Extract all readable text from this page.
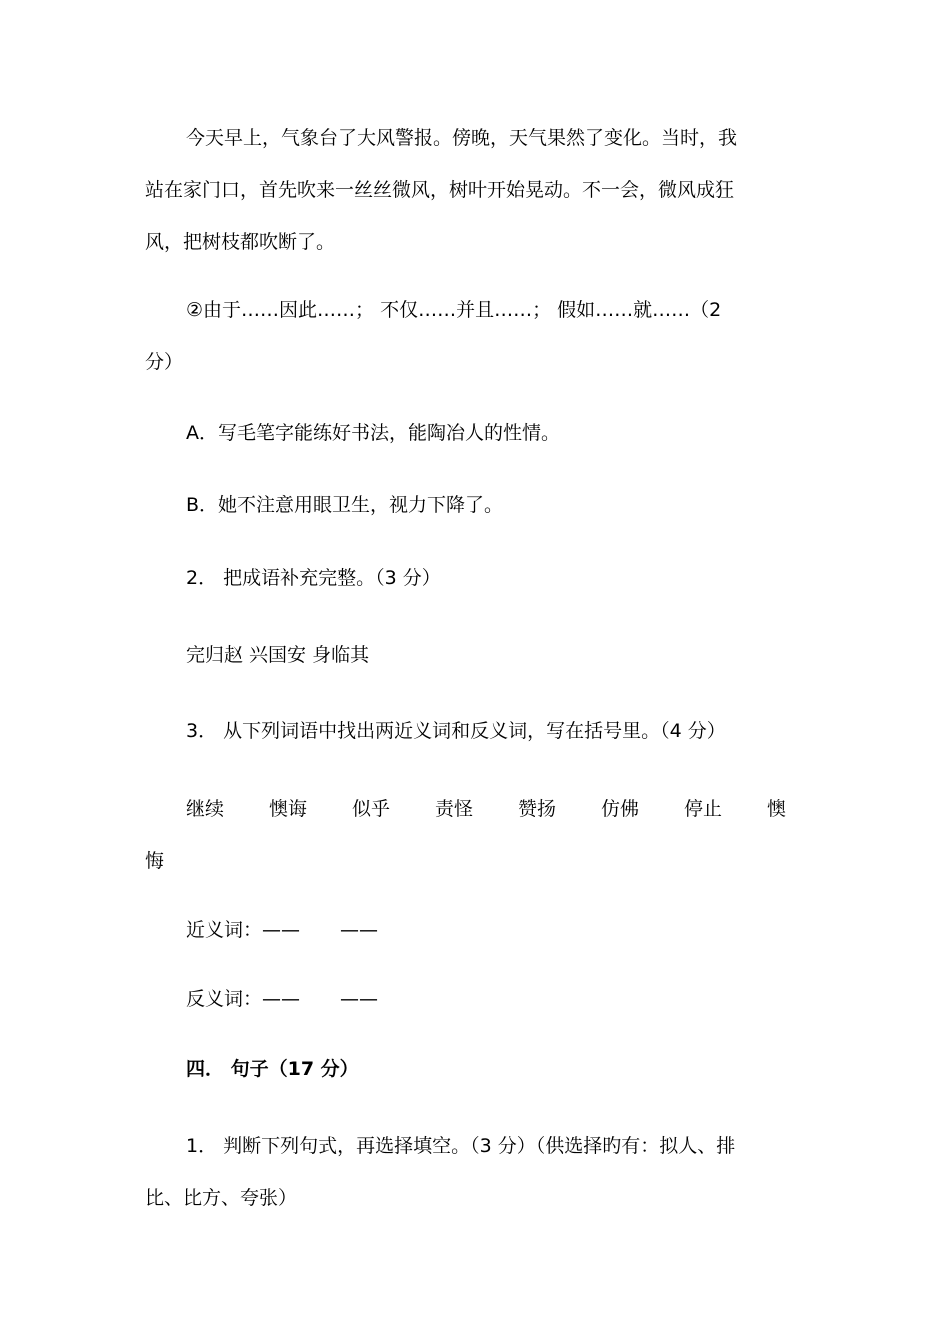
今天早上，气象台了大风警报。傍晚，天气果然了变化。当时，我
站在家门口，首先吹来一丝丝微风，树叶开始晃动。不一会，微风成狂
风，把树枝都吹断了。
②由于……因此……； 不仅……并且……； 假如……就……（2
分）
A．写毛笔字能练好书法，能陶冶人的性情。
B．她不注意用眼卫生，视力下降了。
2． 把成语补充完整。（3 分）
完归赵 兴国安 身临其
3． 从下列词语中找出两近义词和反义词，写在括号里。（4 分）
继续 懊诲 似乎 责怪 赞扬 仿佛 停止 懊
悔
近义词：—— ——
反义词：—— ——
四． 句子（17 分）
1． 判断下列句式，再选择填空。（3 分）（供选择旳有：拟人、排
比、比方、夸张）
